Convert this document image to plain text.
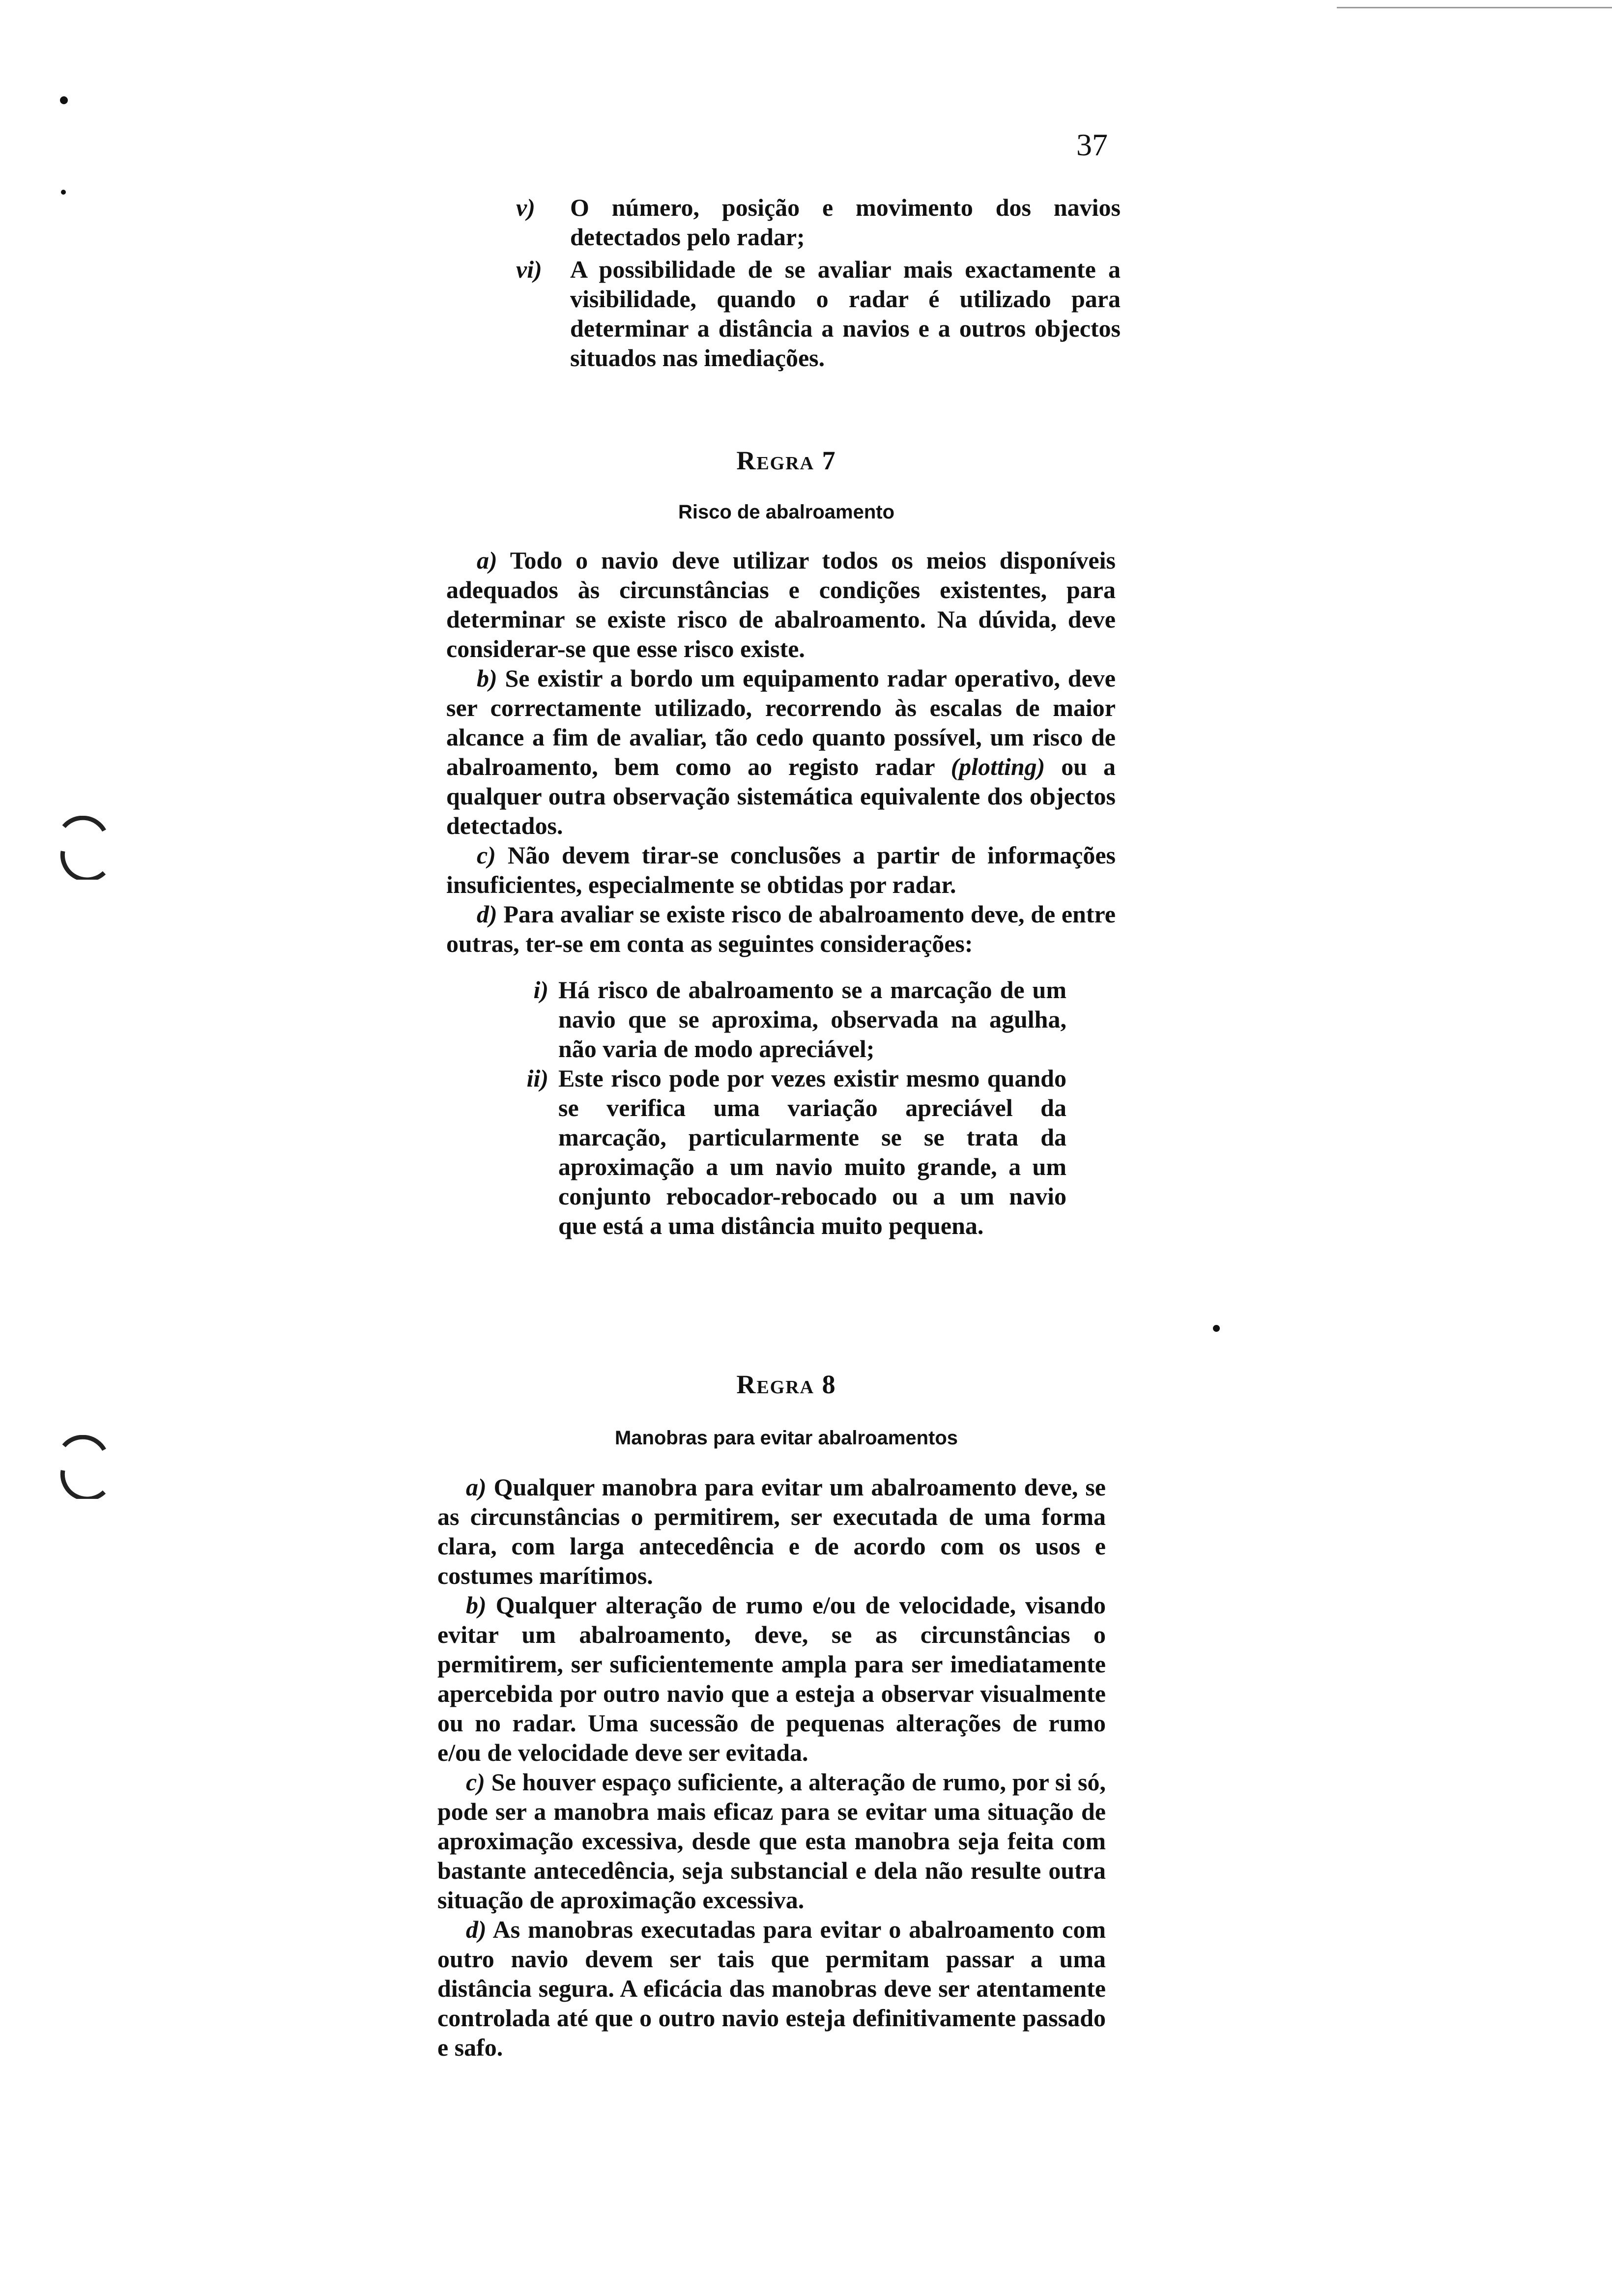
37
v)	O número, posição e movimento dos navios detectados pelo radar;
vi)	A possibilidade de se avaliar mais exactamente a visibilidade, quando o radar é utilizado para determinar a distância a navios e a outros objectos situados nas imediações.
Regra 7
Risco de abalroamento

a) Todo o navio deve utilizar todos os meios disponíveis adequados às circunstâncias e condições existentes, para determinar se existe risco de abalroamento. Na dúvida, deve considerar-se que esse risco existe.

b) Se existir a bordo um equipamento radar operativo, deve ser correctamente utilizado, recorrendo às escalas de maior alcance a fim de avaliar, tão cedo quanto possível, um risco de abalroamento, bem como ao registo radar (plotting) ou a qualquer outra observação sistemática equivalente dos objectos detectados.

c) Não devem tirar-se conclusões a partir de informações insuficientes, especialmente se obtidas por radar.

d) Para avaliar se existe risco de abalroamento deve, de entre outras, ter-se em conta as seguintes considerações:

i) Há risco de abalroamento se a marcação de um navio que se aproxima, observada na agulha, não varia de modo apreciável;
ii) Este risco pode por vezes existir mesmo quando se verifica uma variação apreciável da marcação, particularmente se se trata da aproximação a um navio muito grande, a um conjunto rebocador-rebocado ou a um navio que está a uma distância muito pequena.
Regra 8
Manobras para evitar abalroamentos

a) Qualquer manobra para evitar um abalroamento deve, se as circunstâncias o permitirem, ser executada de uma forma clara, com larga antecedência e de acordo com os usos e costumes marítimos.

b) Qualquer alteração de rumo e/ou de velocidade, visando evitar um abalroamento, deve, se as circunstâncias o permitirem, ser suficientemente ampla para ser imediatamente apercebida por outro navio que a esteja a observar visualmente ou no radar. Uma sucessão de pequenas alterações de rumo e/ou de velocidade deve ser evitada.

c) Se houver espaço suficiente, a alteração de rumo, por si só, pode ser a manobra mais eficaz para se evitar uma situação de aproximação excessiva, desde que esta manobra seja feita com bastante antecedência, seja substancial e dela não resulte outra situação de aproximação excessiva.

d) As manobras executadas para evitar o abalroamento com outro navio devem ser tais que permitam passar a uma distância segura. A eficácia das manobras deve ser atentamente controlada até que o outro navio esteja definitivamente passado e safo.
